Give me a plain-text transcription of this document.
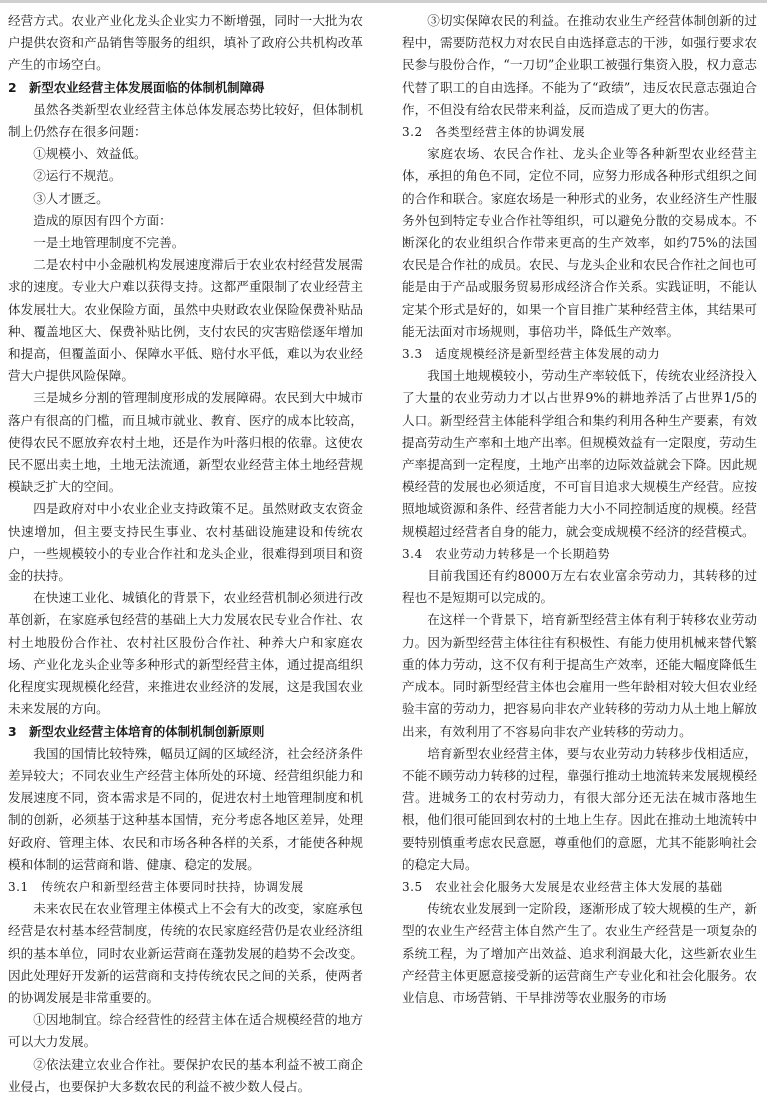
经营方式。农业产业化龙头企业实力不断增强，同时一大批为农户提供农资和产品销售等服务的组织，填补了政府公共机构改革产生的市场空白。

2　新型农业经营主体发展面临的体制机制障碍

虽然各类新型农业经营主体总体发展态势比较好，但体制机制上仍然存在很多问题：

①规模小、效益低。

②运行不规范。

③人才匮乏。

造成的原因有四个方面：

一是土地管理制度不完善。

二是农村中小金融机构发展速度滞后于农业农村经营发展需求的速度。专业大户难以获得支持。这都严重限制了农业经营主体发展壮大。农业保险方面，虽然中央财政农业保险保费补贴品种、覆盖地区大、保费补贴比例，支付农民的灾害赔偿逐年增加和提高，但覆盖面小、保障水平低、赔付水平低，难以为农业经营大户提供风险保障。

三是城乡分割的管理制度形成的发展障碍。农民到大中城市落户有很高的门槛，而且城市就业、教育、医疗的成本比较高，使得农民不愿放弃农村土地，还是作为叶落归根的依靠。这使农民不愿出卖土地，土地无法流通，新型农业经营主体土地经营规模缺乏扩大的空间。

四是政府对中小农业企业支持政策不足。虽然财政支农资金快速增加，但主要支持民生事业、农村基础设施建设和传统农户，一些规模较小的专业合作社和龙头企业，很难得到项目和资金的扶持。

在快速工业化、城镇化的背景下，农业经营机制必须进行改革创新，在家庭承包经营的基础上大力发展农民专业合作社、农村土地股份合作社、农村社区股份合作社、种养大户和家庭农场、产业化龙头企业等多种形式的新型经营主体，通过提高组织化程度实现规模化经营，来推进农业经济的发展，这是我国农业未来发展的方向。

3　新型农业经营主体培育的体制机制创新原则

我国的国情比较特殊，幅员辽阔的区域经济，社会经济条件差异较大；不同农业生产经营主体所处的环境、经营组织能力和发展速度不同，资本需求是不同的，促进农村土地管理制度和机制的创新，必须基于这种基本国情，充分考虑各地区差异，处理好政府、管理主体、农民和市场各种各样的关系，才能使各种规模和体制的运营商和谐、健康、稳定的发展。

3.1　传统农户和新型经营主体要同时扶持，协调发展

未来农民在农业管理主体模式上不会有大的改变，家庭承包经营是农村基本经营制度，传统的农民家庭经营仍是农业经济组织的基本单位，同时农业新运营商在蓬勃发展的趋势不会改变。因此处理好开发新的运营商和支持传统农民之间的关系，使两者的协调发展是非常重要的。

①因地制宜。综合经营性的经营主体在适合规模经营的地方可以大力发展。

②依法建立农业合作社。要保护农民的基本利益不被工商企业侵占，也要保护大多数农民的利益不被少数人侵占。

③切实保障农民的利益。在推动农业生产经营体制创新的过程中，需要防范权力对农民自由选择意志的干涉，如强行要求农民参与股份合作，“一刀切”企业职工被强行集资入股，权力意志代替了职工的自由选择。不能为了“政绩”，违反农民意志强迫合作，不但没有给农民带来利益，反而造成了更大的伤害。

3.2　各类型经营主体的协调发展

家庭农场、农民合作社、龙头企业等各种新型农业经营主体，承担的角色不同，定位不同，应努力形成各种形式组织之间的合作和联合。家庭农场是一种形式的业务，农业经济生产性服务外包到特定专业合作社等组织，可以避免分散的交易成本。不断深化的农业组织合作带来更高的生产效率，如约75%的法国农民是合作社的成员。农民、与龙头企业和农民合作社之间也可能是由于产品或服务贸易形成经济合作关系。实践证明，不能认定某个形式是好的，如果一个盲目推广某种经营主体，其结果可能无法面对市场规则，事倍功半，降低生产效率。

3.3　适度规模经济是新型经营主体发展的动力

我国土地规模较小，劳动生产率较低下，传统农业经济投入了大量的农业劳动力才以占世界9%的耕地养活了占世界1/5的人口。新型经营主体能科学组合和集约利用各种生产要素，有效提高劳动生产率和土地产出率。但规模效益有一定限度，劳动生产率提高到一定程度，土地产出率的边际效益就会下降。因此规模经营的发展也必须适度，不可盲目追求大规模生产经营。应按照地域资源和条件、经营者能力大小不同控制适度的规模。经营规模超过经营者自身的能力，就会变成规模不经济的经营模式。

3.4　农业劳动力转移是一个长期趋势

目前我国还有约8000万左右农业富余劳动力，其转移的过程也不是短期可以完成的。

在这样一个背景下，培育新型经营主体有利于转移农业劳动力。因为新型经营主体往往有积极性、有能力使用机械来替代繁重的体力劳动，这不仅有利于提高生产效率，还能大幅度降低生产成本。同时新型经营主体也会雇用一些年龄相对较大但农业经验丰富的劳动力，把容易向非农产业转移的劳动力从土地上解放出来，有效利用了不容易向非农产业转移的劳动力。

培育新型农业经营主体，要与农业劳动力转移步伐相适应，不能不顾劳动力转移的过程，靠强行推动土地流转来发展规模经营。进城务工的农村劳动力，有很大部分还无法在城市落地生根，他们很可能回到农村的土地上生存。因此在推动土地流转中要特别慎重考虑农民意愿，尊重他们的意愿，尤其不能影响社会的稳定大局。

3.5　农业社会化服务大发展是农业经营主体大发展的基础

传统农业发展到一定阶段，逐渐形成了较大规模的生产，新型的农业生产经营主体自然产生了。农业生产经营是一项复杂的系统工程，为了增加产出效益、追求利润最大化，这些新农业生产经营主体更愿意接受新的运营商生产专业化和社会化服务。农业信息、市场营销、干旱排涝等农业服务的市场
